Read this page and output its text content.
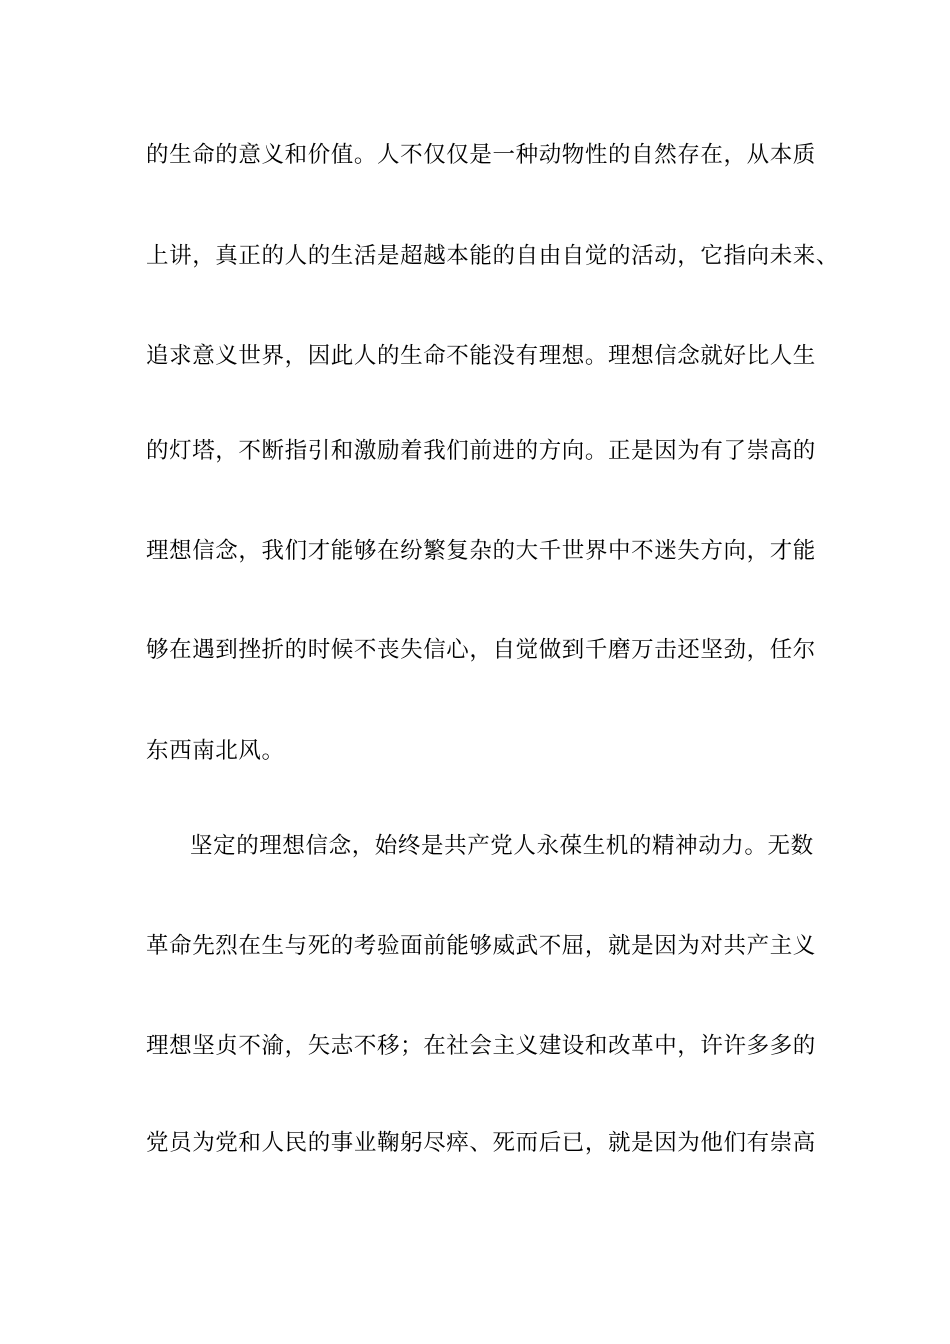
的生命的意义和价值。人不仅仅是一种动物性的自然存在，从本质
上讲，真正的人的生活是超越本能的自由自觉的活动，它指向未来、
追求意义世界，因此人的生命不能没有理想。理想信念就好比人生
的灯塔，不断指引和激励着我们前进的方向。正是因为有了崇高的
理想信念，我们才能够在纷繁复杂的大千世界中不迷失方向，才能
够在遇到挫折的时候不丧失信心，自觉做到千磨万击还坚劲，任尔
东西南北风。
坚定的理想信念，始终是共产党人永葆生机的精神动力。无数
革命先烈在生与死的考验面前能够威武不屈，就是因为对共产主义
理想坚贞不渝，矢志不移；在社会主义建设和改革中，许许多多的
党员为党和人民的事业鞠躬尽瘁、死而后已，就是因为他们有崇高
